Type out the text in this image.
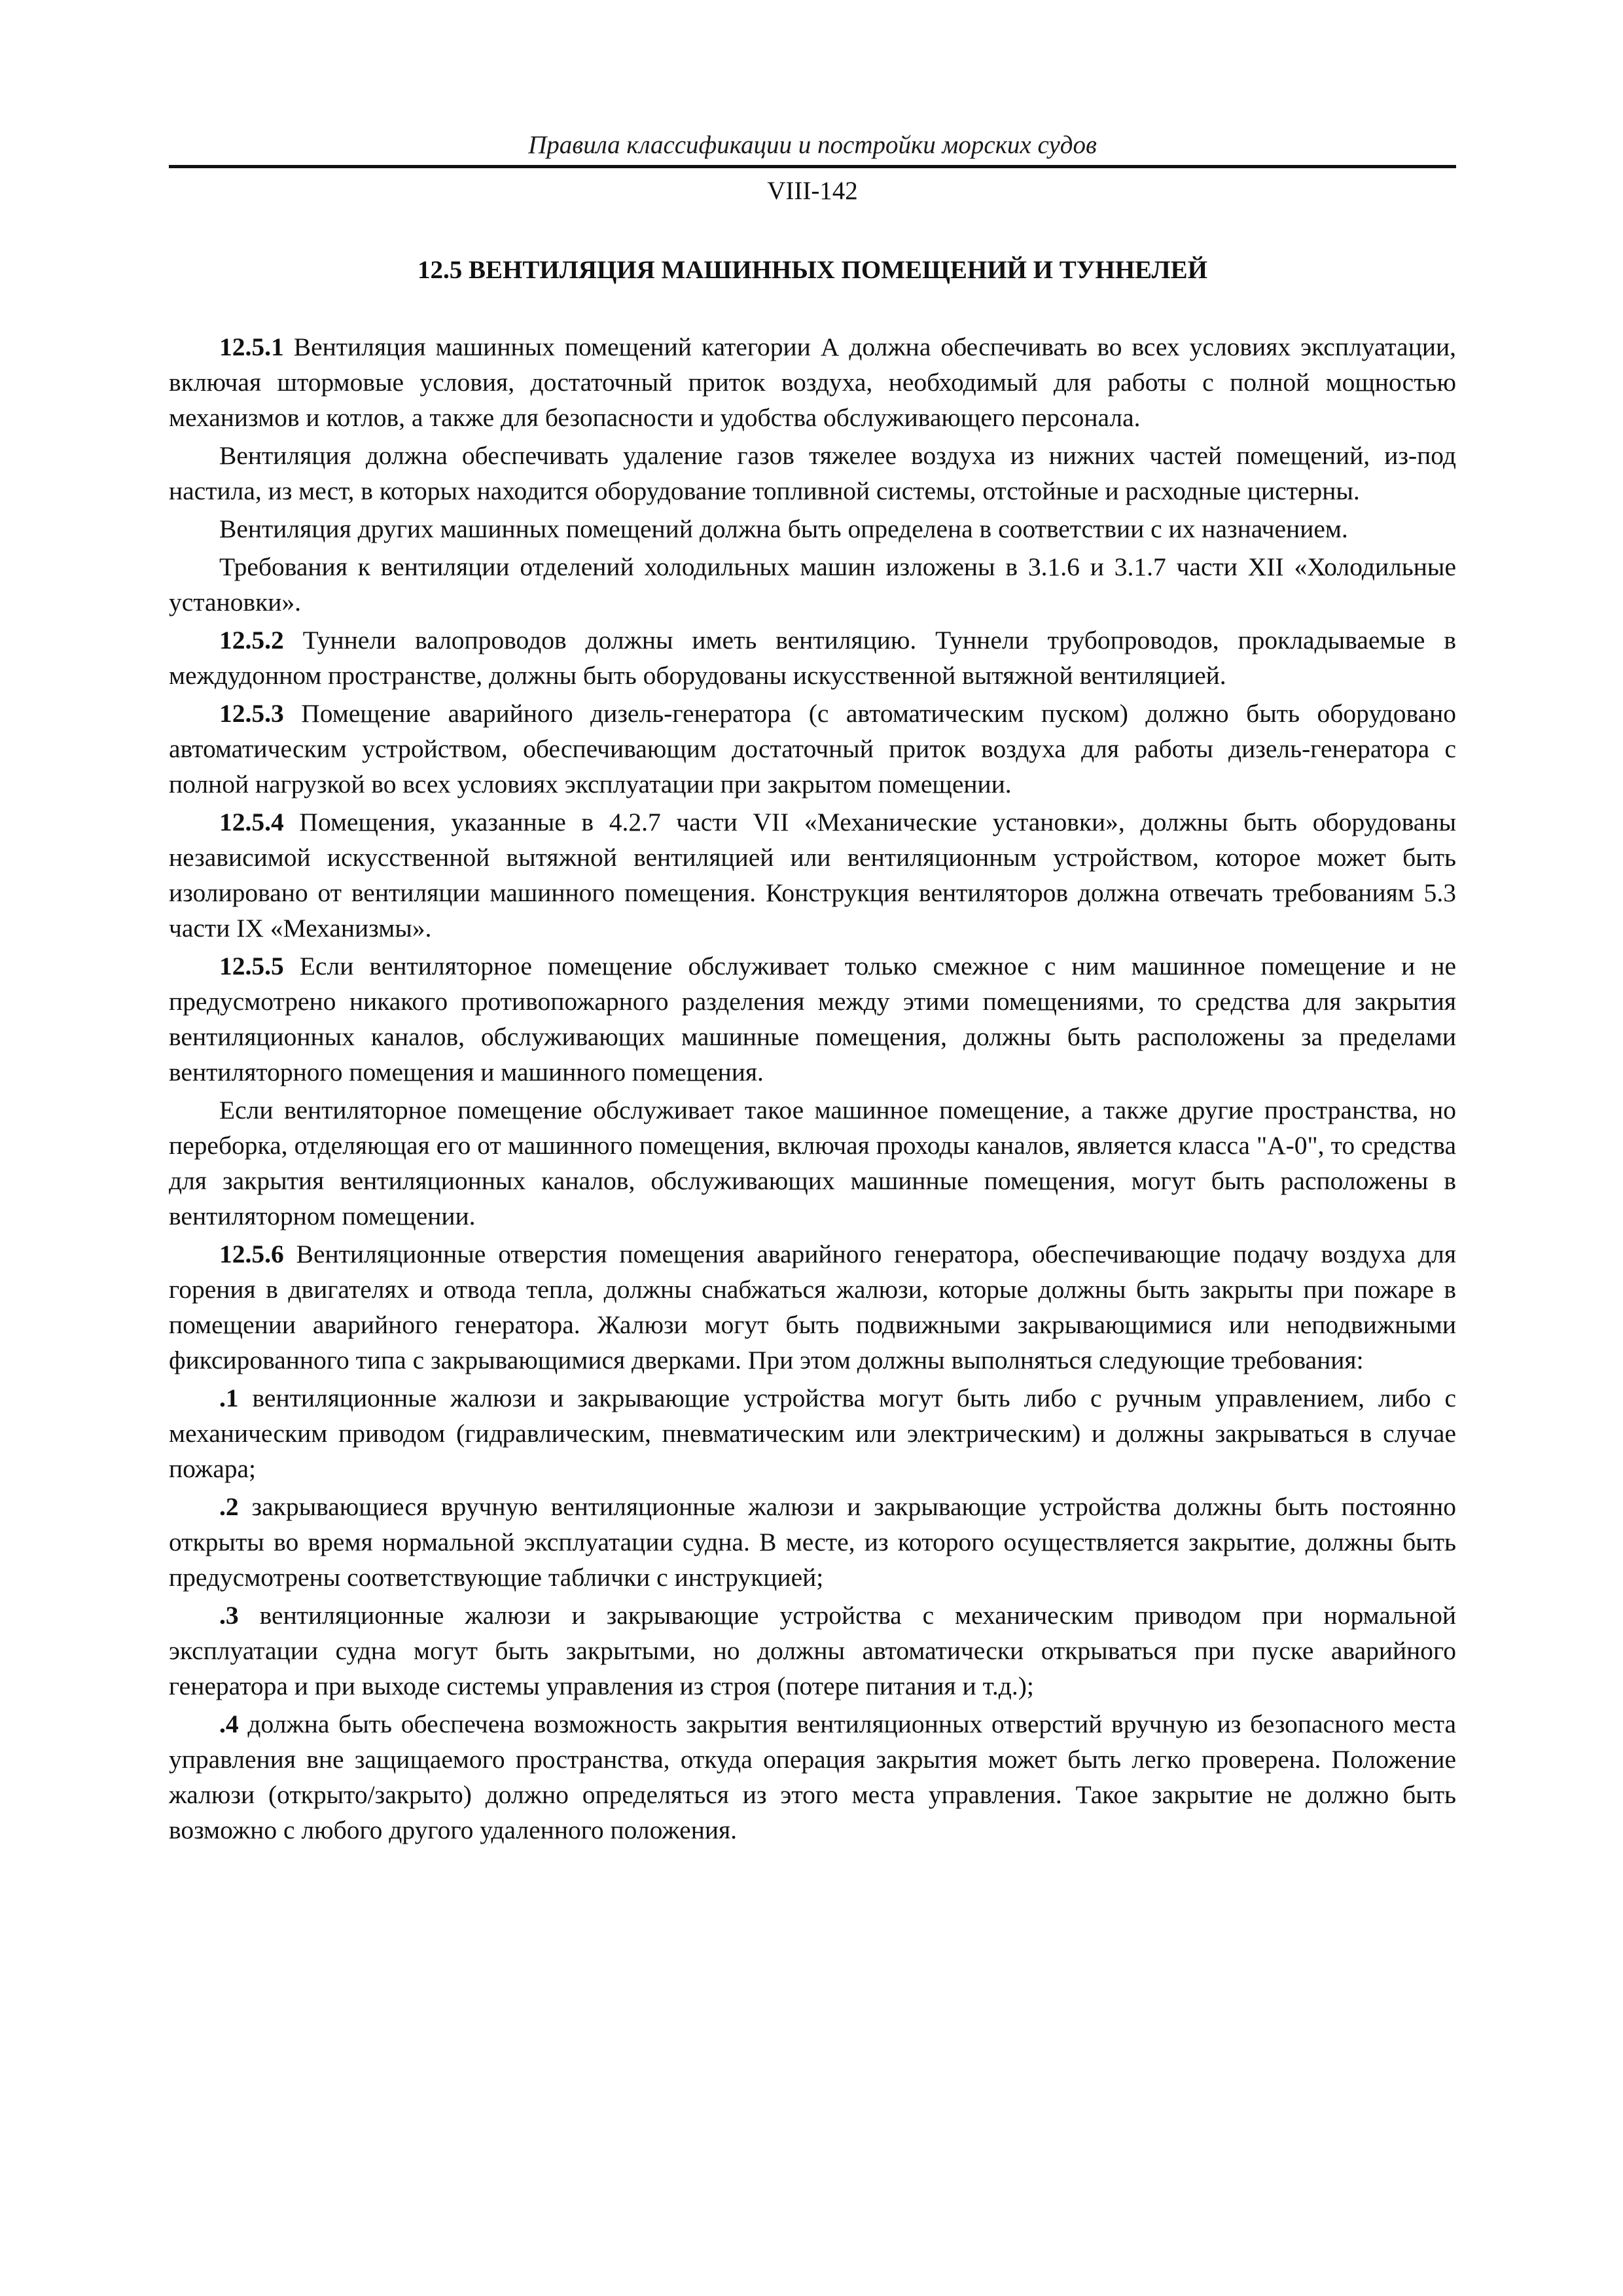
Правила классификации и постройки морских судов
VIII-142
12.5 ВЕНТИЛЯЦИЯ МАШИННЫХ ПОМЕЩЕНИЙ И ТУННЕЛЕЙ

12.5.1 Вентиляция машинных помещений категории А должна обеспечивать во всех условиях эксплуатации, включая штормовые условия, достаточный приток воздуха, необходимый для работы с полной мощностью механизмов и котлов, а также для безопасности и удобства обслуживающего персонала.

Вентиляция должна обеспечивать удаление газов тяжелее воздуха из нижних частей помещений, из-под настила, из мест, в которых находится оборудование топливной системы, отстойные и расходные цистерны.

Вентиляция других машинных помещений должна быть определена в соответствии с их назначением.

Требования к вентиляции отделений холодильных машин изложены в 3.1.6 и 3.1.7 части XII «Холодильные установки».

12.5.2 Туннели валопроводов должны иметь вентиляцию. Туннели трубопроводов, прокладываемые в междудонном пространстве, должны быть оборудованы искусственной вытяжной вентиляцией.

12.5.3 Помещение аварийного дизель-генератора (с автоматическим пуском) должно быть оборудовано автоматическим устройством, обеспечивающим достаточный приток воздуха для работы дизель-генератора с полной нагрузкой во всех условиях эксплуатации при закрытом помещении.

12.5.4 Помещения, указанные в 4.2.7 части VII «Механические установки», должны быть оборудованы независимой искусственной вытяжной вентиляцией или вентиляционным устройством, которое может быть изолировано от вентиляции машинного помещения. Конструкция вентиляторов должна отвечать требованиям 5.3 части IX «Механизмы».

12.5.5 Если вентиляторное помещение обслуживает только смежное с ним машинное помещение и не предусмотрено никакого противопожарного разделения между этими помещениями, то средства для закрытия вентиляционных каналов, обслуживающих машинные помещения, должны быть расположены за пределами вентиляторного помещения и машинного помещения.

Если вентиляторное помещение обслуживает такое машинное помещение, а также другие пространства, но переборка, отделяющая его от машинного помещения, включая проходы каналов, является класса "А-0", то средства для закрытия вентиляционных каналов, обслуживающих машинные помещения, могут быть расположены в вентиляторном помещении.

12.5.6 Вентиляционные отверстия помещения аварийного генератора, обеспечивающие подачу воздуха для горения в двигателях и отвода тепла, должны снабжаться жалюзи, которые должны быть закрыты при пожаре в помещении аварийного генератора. Жалюзи могут быть подвижными закрывающимися или неподвижными фиксированного типа с закрывающимися дверками. При этом должны выполняться следующие требования:

.1 вентиляционные жалюзи и закрывающие устройства могут быть либо с ручным управлением, либо с механическим приводом (гидравлическим, пневматическим или электрическим) и должны закрываться в случае пожара;

.2 закрывающиеся вручную вентиляционные жалюзи и закрывающие устройства должны быть постоянно открыты во время нормальной эксплуатации судна. В месте, из которого осуществляется закрытие, должны быть предусмотрены соответствующие таблички с инструкцией;

.3 вентиляционные жалюзи и закрывающие устройства с механическим приводом при нормальной эксплуатации судна могут быть закрытыми, но должны автоматически открываться при пуске аварийного генератора и при выходе системы управления из строя (потере питания и т.д.);

.4 должна быть обеспечена возможность закрытия вентиляционных отверстий вручную из безопасного места управления вне защищаемого пространства, откуда операция закрытия может быть легко проверена. Положение жалюзи (открыто/закрыто) должно определяться из этого места управления. Такое закрытие не должно быть возможно с любого другого удаленного положения.
